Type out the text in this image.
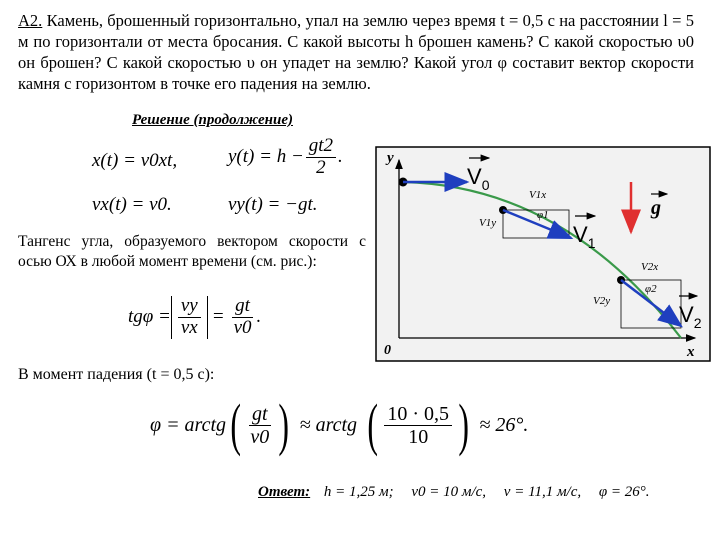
А2. Камень, брошенный горизонтально, упал на землю через время t = 0,5 с на расстоянии l = 5 м по горизонтали от места бросания. С какой высоты h брошен камень? С какой скоростью υ0 он брошен? С какой скоростью υ он упадет на землю? Какой угол φ составит вектор скорости камня с горизонтом в точке его падения на землю.
Решение (продолжение)
x(t) = v0xt,	$y(t) = h - \frac{gt2}{2}$ .
vx(t) = v0.	vy(t) = −gt.
Тангенс угла, образуемого вектором скорости с осью ОХ в любой момент времени (см. рис.):
$tg\varphi = \frac{vy}{vx} = \frac{gt}{v0}$ .
В момент падения (t = 0,5 с):
φ = arctg ( $\frac{gt}{v0}$ ) ≈ arctg ( $\frac{10 \cdot 0,5}{10}$ ) ≈ 26°.
Ответ: h = 1,25 м; v0 = 10 м/с, v = 11,1 м/с, φ = 26°.
y
x
0
$V_0$
V1x
V1y
φ1
$V_1$
g
V2x
V2y
φ2
$V_2$
